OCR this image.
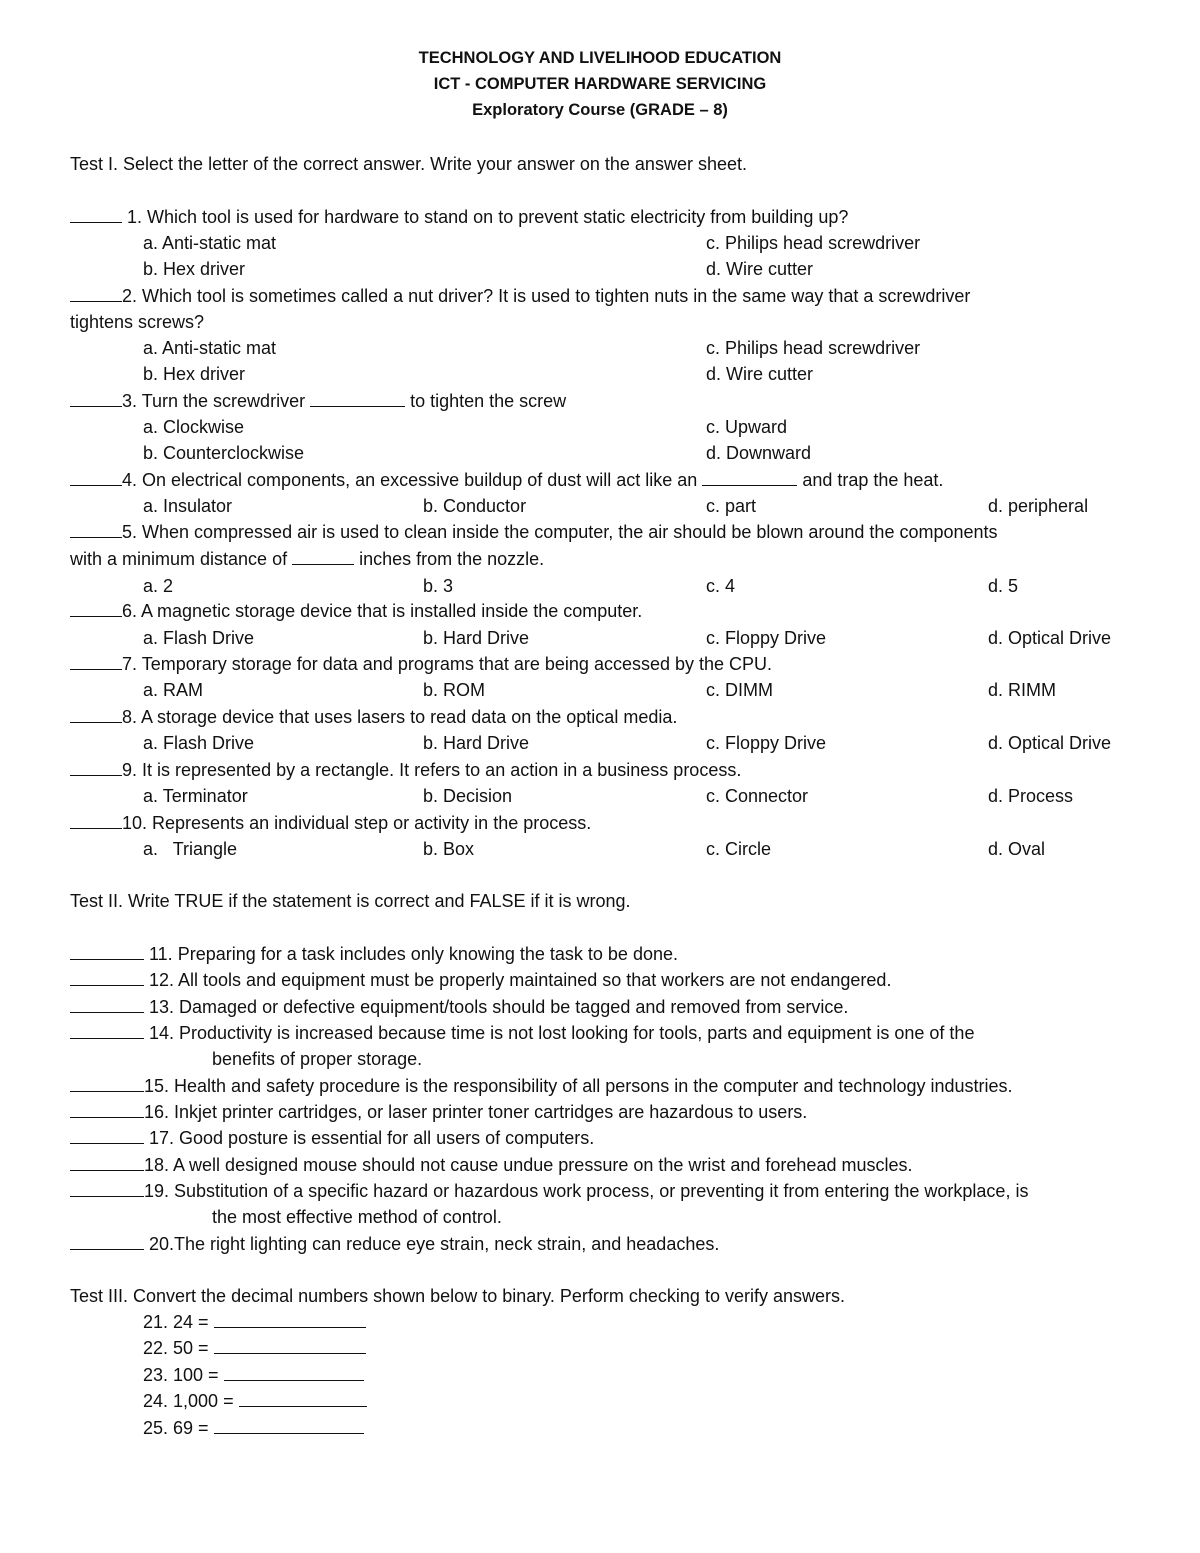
TECHNOLOGY AND LIVELIHOOD EDUCATION
ICT - COMPUTER HARDWARE SERVICING
Exploratory Course (GRADE – 8)
Test I. Select the letter of the correct answer. Write your answer on the answer sheet.
1. Which tool is used for hardware to stand on to prevent static electricity from building up?
a. Anti-static mat	c. Philips head screwdriver
b. Hex driver	d. Wire cutter
2. Which tool is sometimes called a nut driver? It is used to tighten nuts in the same way that a screwdriver
tightens screws?
a. Anti-static mat	c. Philips head screwdriver
b. Hex driver	d. Wire cutter
3. Turn the screwdriver	to tighten the screw
a. Clockwise	c. Upward
b. Counterclockwise	d. Downward
4. On electrical components, an excessive buildup of dust will act like an	and trap the heat.
a. Insulator	b. Conductor	c. part	d. peripheral
5. When compressed air is used to clean inside the computer, the air should be blown around the components
with a minimum distance of	inches from the nozzle.
a. 2	b. 3	c. 4	d. 5
6. A magnetic storage device that is installed inside the computer.
a. Flash Drive	b. Hard Drive	c. Floppy Drive	d. Optical Drive
7. Temporary storage for data and programs that are being accessed by the CPU.
a. RAM	b. ROM	c. DIMM	d. RIMM
8. A storage device that uses lasers to read data on the optical media.
a. Flash Drive	b. Hard Drive	c. Floppy Drive	d. Optical Drive
9. It is represented by a rectangle. It refers to an action in a business process.
a. Terminator	b. Decision	c. Connector	d. Process
10. Represents an individual step or activity in the process.
a.   Triangle	b. Box	c. Circle	d. Oval
Test II. Write TRUE if the statement is correct and FALSE if it is wrong.
11. Preparing for a task includes only knowing the task to be done.
12. All tools and equipment must be properly maintained so that workers are not endangered.
13. Damaged or defective equipment/tools should be tagged and removed from service.
14. Productivity is increased because time is not lost looking for tools, parts and equipment is one of the
benefits of proper storage.
15. Health and safety procedure is the responsibility of all persons in the computer and technology industries.
16. Inkjet printer cartridges, or laser printer toner cartridges are hazardous to users.
17. Good posture is essential for all users of computers.
18. A well designed mouse should not cause undue pressure on the wrist and forehead muscles.
19. Substitution of a specific hazard or hazardous work process, or preventing it from entering the workplace, is
the most effective method of control.
20.The right lighting can reduce eye strain, neck strain, and headaches.
Test III. Convert the decimal numbers shown below to binary. Perform checking to verify answers.
21. 24 =
22. 50 =
23. 100 =
24. 1,000 =
25. 69 =
